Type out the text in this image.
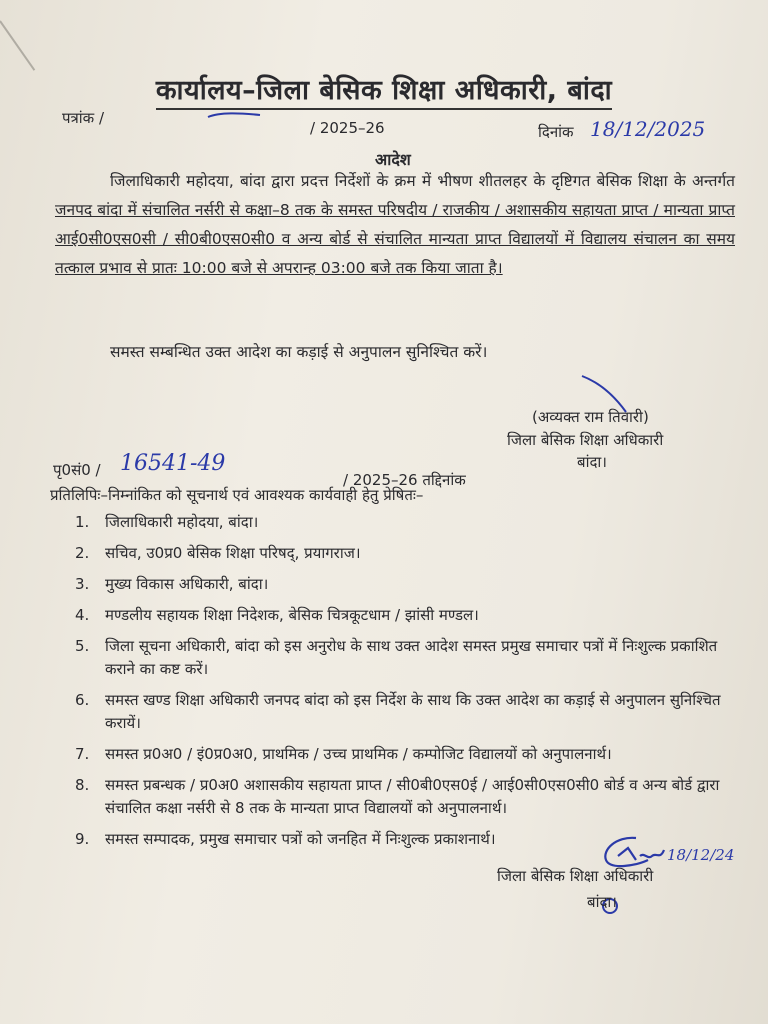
कार्यालय–जिला बेसिक शिक्षा अधिकारी, बांदा
पत्रांक /
/ 2025–26	दिनांक 18/12/2025
आदेश
जिलाधिकारी महोदया, बांदा द्वारा प्रदत्त निर्देशों के क्रम में भीषण शीतलहर के दृष्टिगत बेसिक शिक्षा के अन्तर्गत जनपद बांदा में संचालित नर्सरी से कक्षा–8 तक के समस्त परिषदीय / राजकीय / अशासकीय सहायता प्राप्त / मान्यता प्राप्त आई0सी0एस0सी / सी0बी0एस0सी0 व अन्य बोर्ड से संचालित मान्यता प्राप्त विद्यालयों में विद्यालय संचालन का समय तत्काल प्रभाव से प्रातः 10:00 बजे से अपरान्ह 03:00 बजे तक किया जाता है।
समस्त सम्बन्धित उक्त आदेश का कड़ाई से अनुपालन सुनिश्चित करें।
(अव्यक्त राम तिवारी)
जिला बेसिक शिक्षा अधिकारी
बांदा।
पृ0सं0 / 16541-49
/ 2025–26 तद्दिनांक
प्रतिलिपिः–निम्नांकित को सूचनार्थ एवं आवश्यक कार्यवाही हेतु प्रेषितः–
1. जिलाधिकारी महोदया, बांदा।
2. सचिव, उ0प्र0 बेसिक शिक्षा परिषद्, प्रयागराज।
3. मुख्य विकास अधिकारी, बांदा।
4. मण्डलीय सहायक शिक्षा निदेशक, बेसिक चित्रकूटधाम / झांसी मण्डल।
5. जिला सूचना अधिकारी, बांदा को इस अनुरोध के साथ उक्त आदेश समस्त प्रमुख समाचार पत्रों में निःशुल्क प्रकाशित कराने का कष्ट करें।
6. समस्त खण्ड शिक्षा अधिकारी जनपद बांदा को इस निर्देश के साथ कि उक्त आदेश का कड़ाई से अनुपालन सुनिश्चित करायें।
7. समस्त प्र0अ0 / इं0प्र0अ0, प्राथमिक / उच्च प्राथमिक / कम्पोजिट विद्यालयों को अनुपालनार्थ।
8. समस्त प्रबन्धक / प्र0अ0 अशासकीय सहायता प्राप्त / सी0बी0एस0ई / आई0सी0एस0सी0 बोर्ड व अन्य बोर्ड द्वारा संचालित कक्षा नर्सरी से 8 तक के मान्यता प्राप्त विद्यालयों को अनुपालनार्थ।
9. समस्त सम्पादक, प्रमुख समाचार पत्रों को जनहित में निःशुल्क प्रकाशनार्थ।
18/12/24
जिला बेसिक शिक्षा अधिकारी
बांदा।
